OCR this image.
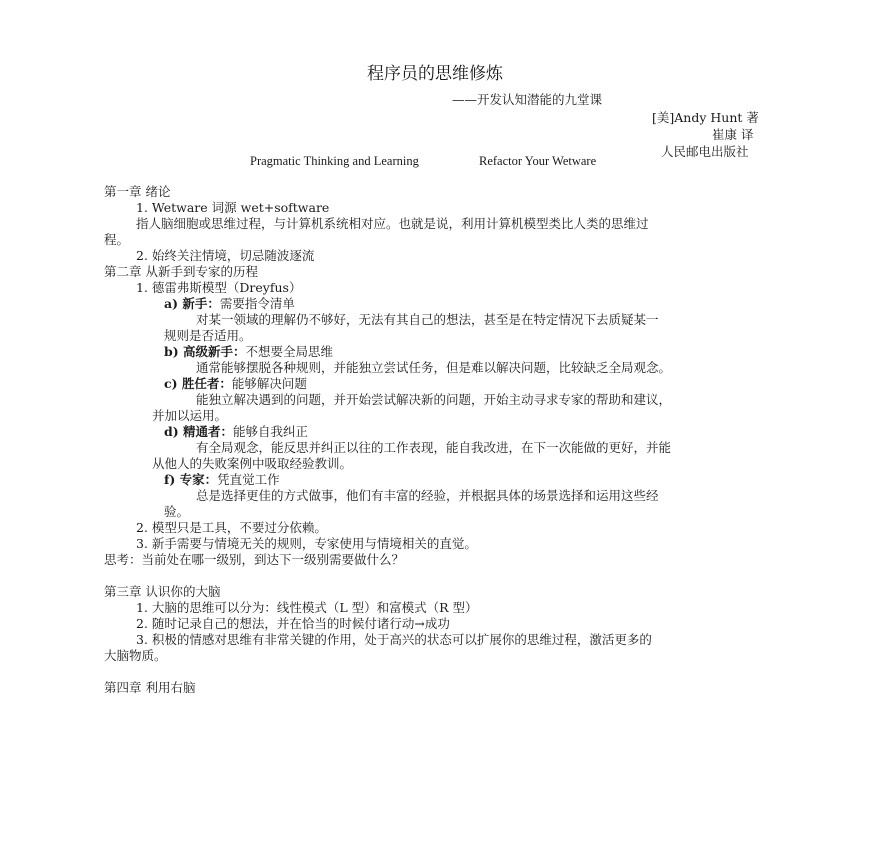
程序员的思维修炼
——开发认知潜能的九堂课
[美]Andy Hunt 著
崔康 译
人民邮电出版社
Pragmatic Thinking and Learning	Refactor Your Wetware
第一章 绪论
1. Wetware 词源 wet+software
指人脑细胞或思维过程，与计算机系统相对应。也就是说，利用计算机模型类比人类的思维过
程。
2. 始终关注情境，切忌随波逐流
第二章 从新手到专家的历程
1. 德雷弗斯模型（Dreyfus）
a) 新手：需要指令清单
对某一领域的理解仍不够好，无法有其自己的想法，甚至是在特定情况下去质疑某一
规则是否适用。
b) 高级新手：不想要全局思维
通常能够摆脱各种规则，并能独立尝试任务，但是难以解决问题，比较缺乏全局观念。
c) 胜任者：能够解决问题
能独立解决遇到的问题，并开始尝试解决新的问题，开始主动寻求专家的帮助和建议，
并加以运用。
d) 精通者：能够自我纠正
有全局观念，能反思并纠正以往的工作表现，能自我改进，在下一次能做的更好，并能
从他人的失败案例中吸取经验教训。
f) 专家：凭直觉工作
总是选择更佳的方式做事，他们有丰富的经验，并根据具体的场景选择和运用这些经
验。
2. 模型只是工具，不要过分依赖。
3. 新手需要与情境无关的规则，专家使用与情境相关的直觉。
思考：当前处在哪一级别，到达下一级别需要做什么？
第三章 认识你的大脑
1. 大脑的思维可以分为：线性模式（L 型）和富模式（R 型）
2. 随时记录自己的想法，并在恰当的时候付诸行动→成功
3. 积极的情感对思维有非常关键的作用，处于高兴的状态可以扩展你的思维过程，激活更多的
大脑物质。
第四章 利用右脑
